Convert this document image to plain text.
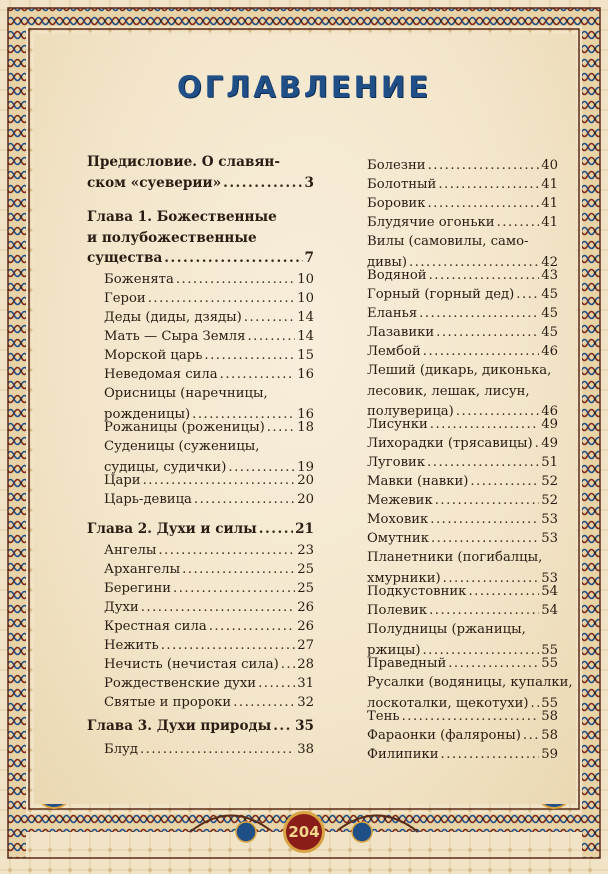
ОГЛАВЛЕНИЕ
Предисловие. О славян-
ском «суеверии» .....	3
Глава 1. Божественные
и полубожественные
существа .....	7
Боженята .....	10
Герои .....	10
Деды (диды, дзяды) .....	14
Мать — Сыра Земля .....	14
Морской царь .....	15
Неведомая сила .....	16
Орисницы (наречницы,
рожденицы) .....	16
Рожаницы (роженицы) ..... 18
Суденицы (суженицы,
судицы, судички) .....	19
Цари .....	20
Царь-девица .....	20
Глава 2. Духи и силы .....	21
Ангелы .....	23
Архангелы .....	25
Берегини .....	25
Духи .....	26
Крестная сила .....	26
Нежить .....	27
Нечисть (нечистая сила) ..... 28
Рождественские духи .....	31
Святые и пророки .....	32
Глава 3. Духи природы ..... 35
Блуд .....	38
Болезни .....	40
Болотный .....	41
Боровик .....	41
Блудячие огоньки .....	41
Вилы (самовилы, само-
дивы) .....	42
Водяной .....	43
Горный (горный дед) ..... 45
Еланья .....	45
Лазавики .....	45
Лембой .....	46
Леший (дикарь, диконька,
лесовик, лешак, лисун,
полуверица) .....	46
Лисунки .....	49
Лихорадки (трясавицы) ..... 49
Луговик .....	51
Мавки (навки) .....	52
Межевик .....	52
Моховик .....	53
Омутник .....	53
Планетники (погибалцы,
хмурники) .....	53
Подкустовник .....	54
Полевик .....	54
Полудницы (ржаницы,
ржицы) .....	55
Праведный .....	55
Русалки (водяницы, купалки,
лоскоталки, щекотухи) ..... 55
Тень .....	58
Фараонки (фаляроны) ..... 58
Филипики .....	59
204
